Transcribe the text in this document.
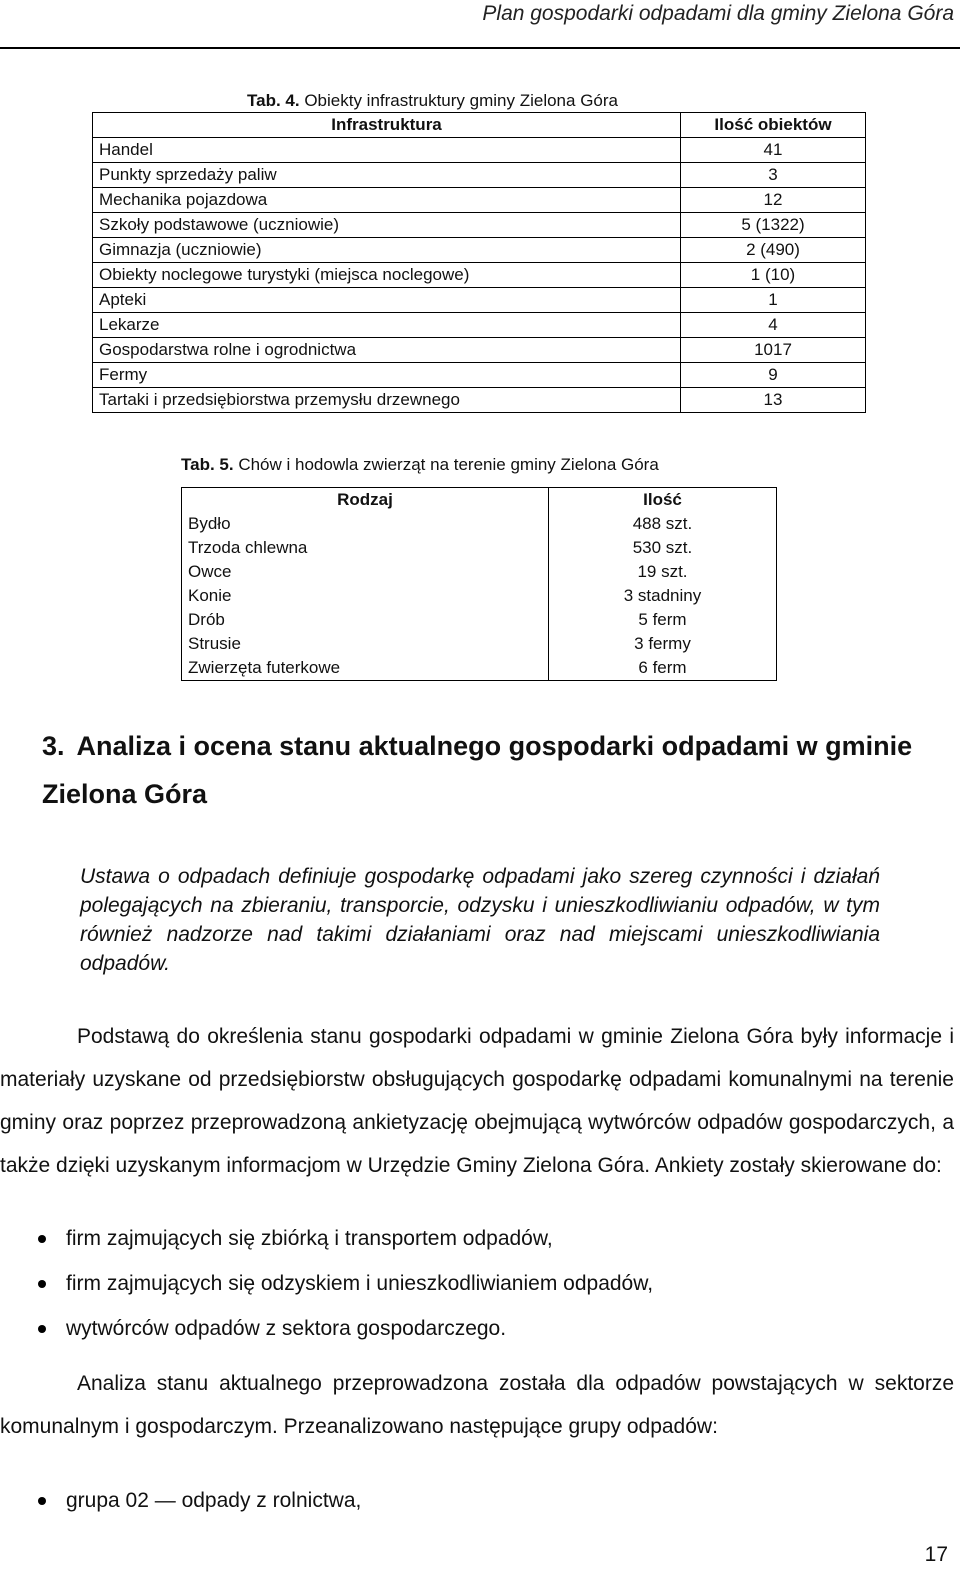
Plan gospodarki odpadami dla gminy Zielona Góra
Tab. 4. Obiekty infrastruktury gminy Zielona Góra
Infrastruktura	Ilość obiektów
Handel	41
Punkty sprzedaży paliw	3
Mechanika pojazdowa	12
Szkoły podstawowe (uczniowie)	5 (1322)
Gimnazja (uczniowie)	2 (490)
Obiekty noclegowe turystyki (miejsca noclegowe)	1 (10)
Apteki	1
Lekarze	4
Gospodarstwa rolne i ogrodnictwa	1017
Fermy	9
Tartaki i przedsiębiorstwa przemysłu drzewnego	13
Tab. 5. Chów i hodowla zwierząt na terenie gminy Zielona Góra
Rodzaj	Ilość
Bydło	488 szt.
Trzoda chlewna	530 szt.
Owce	19 szt.
Konie	3 stadniny
Drób	5 ferm
Strusie	3 fermy
Zwierzęta futerkowe	6 ferm
3. Analiza i ocena stanu aktualnego gospodarki odpadami w gminie Zielona Góra

Ustawa o odpadach definiuje gospodarkę odpadami jako szereg czynności i działań polegających na zbieraniu, transporcie, odzysku i unieszkodliwianiu odpadów, w tym również nadzorze nad takimi działaniami oraz nad miejscami unieszkodliwiania odpadów.

Podstawą do określenia stanu gospodarki odpadami w gminie Zielona Góra były informacje i materiały uzyskane od przedsiębiorstw obsługujących gospodarkę odpadami komunalnymi na terenie gminy oraz poprzez przeprowadzoną ankietyzację obejmującą wytwórców odpadów gospodarczych, a także dzięki uzyskanym informacjom w Urzędzie Gminy Zielona Góra. Ankiety zostały skierowane do:

firm zajmujących się zbiórką i transportem odpadów,
firm zajmujących się odzyskiem i unieszkodliwianiem odpadów,
wytwórców odpadów z sektora gospodarczego.

Analiza stanu aktualnego przeprowadzona została dla odpadów powstających w sektorze komunalnym i gospodarczym. Przeanalizowano następujące grupy odpadów:

grupa 02 — odpady z rolnictwa,
17
